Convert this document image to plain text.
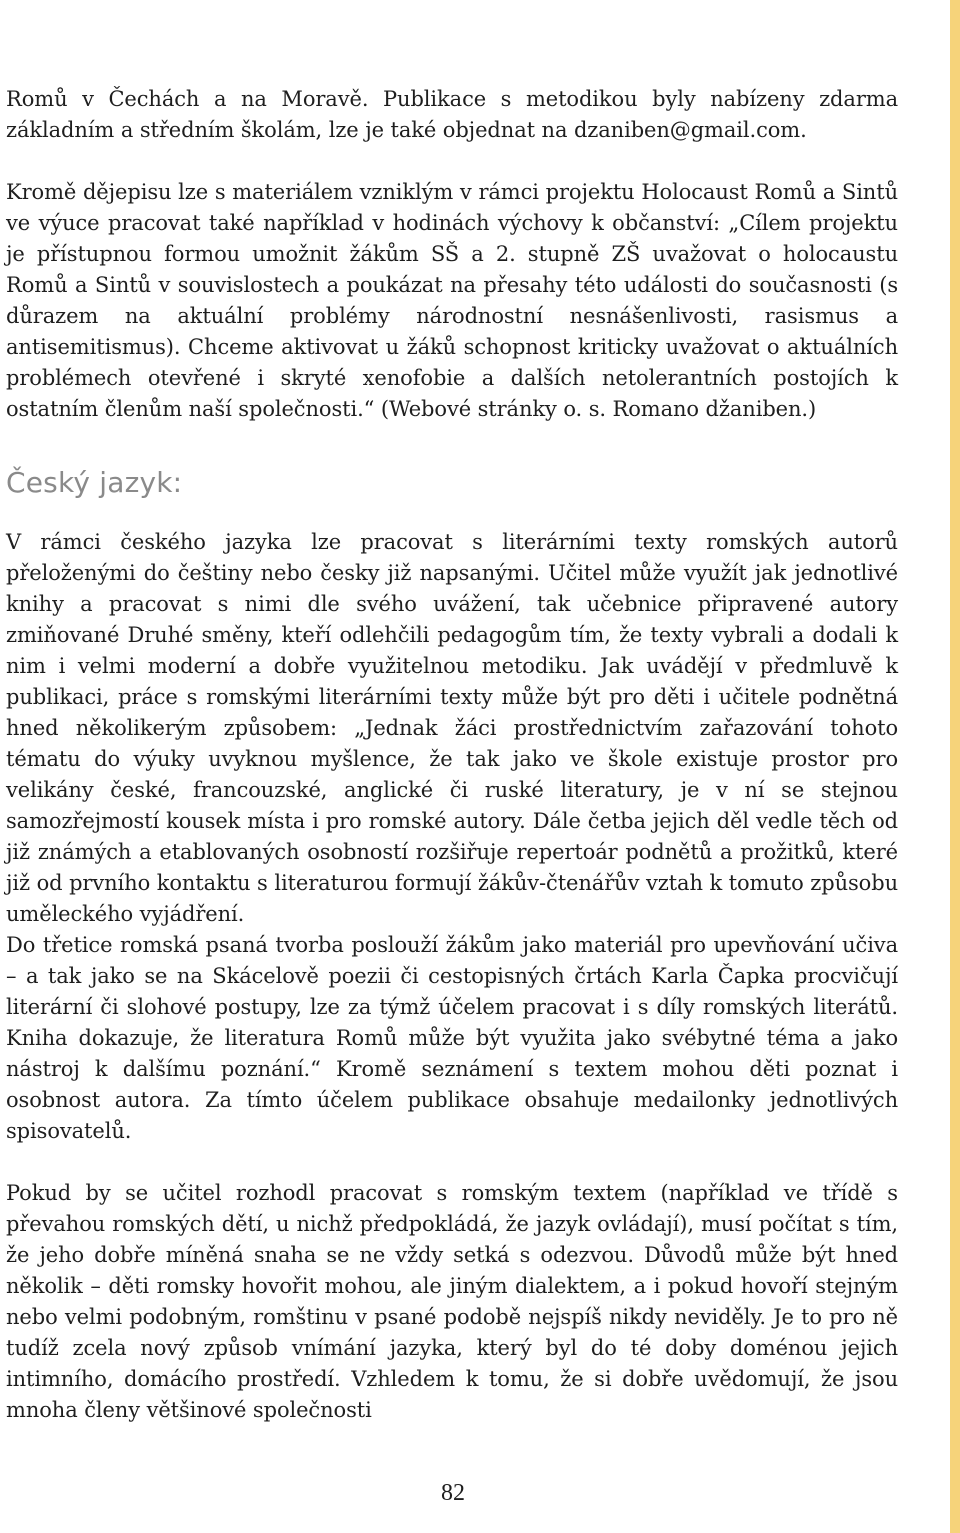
Romů v Čechách a na Moravě. Publikace s metodikou byly nabízeny zdarma základním a středním školám, lze je také objednat na dzaniben@gmail.com.

Kromě dějepisu lze s materiálem vzniklým v rámci projektu Holocaust Romů a Sintů ve výuce pracovat také například v hodinách výchovy k občanství: „Cílem projektu je přístupnou formou umožnit žákům SŠ a 2. stupně ZŠ uvažovat o holocaustu Romů a Sintů v souvislostech a poukázat na přesahy této události do současnosti (s důrazem na aktuální problémy národnostní nesnášenlivosti, rasismus a antisemitismus). Chceme aktivovat u žáků schopnost kriticky uvažovat o aktuálních problémech otevřené i skryté xenofobie a dalších netolerantních postojích k ostatním členům naší společnosti.“ (Webové stránky o. s. Romano džaniben.)

Český jazyk:

V rámci českého jazyka lze pracovat s literárními texty romských autorů přeloženými do češtiny nebo česky již napsanými. Učitel může využít jak jednotlivé knihy a pracovat s nimi dle svého uvážení, tak učebnice připravené autory zmiňované Druhé směny, kteří odlehčili pedagogům tím, že texty vybrali a dodali k nim i velmi moderní a dobře využitelnou metodiku. Jak uvádějí v předmluvě k publikaci, práce s romskými literárními texty může být pro děti i učitele podnětná hned několikerým způsobem: „Jednak žáci prostřednictvím zařazování tohoto tématu do výuky uvyknou myšlence, že tak jako ve škole existuje prostor pro velikány české, francouzské, anglické či ruské literatury, je v ní se stejnou samozřejmostí kousek místa i pro romské autory. Dále četba jejich děl vedle těch od již známých a etablovaných osobností rozšiřuje repertoár podnětů a prožitků, které již od prvního kontaktu s literaturou formují žákův-čtenářův vztah k tomuto způsobu uměleckého vyjádření.

Do třetice romská psaná tvorba poslouží žákům jako materiál pro upevňování učiva – a tak jako se na Skácelově poezii či cestopisných črtách Karla Čapka procvičují literární či slohové postupy, lze za týmž účelem pracovat i s díly romských literátů. Kniha dokazuje, že literatura Romů může být využita jako svébytné téma a jako nástroj k dalšímu poznání.“ Kromě seznámení s textem mohou děti poznat i osobnost autora. Za tímto účelem publikace obsahuje medailonky jednotlivých spisovatelů.

Pokud by se učitel rozhodl pracovat s romským textem (například ve třídě s převahou romských dětí, u nichž předpokládá, že jazyk ovládají), musí počítat s tím, že jeho dobře míněná snaha se ne vždy setká s odezvou. Důvodů může být hned několik – děti romsky hovořit mohou, ale jiným dialektem, a i pokud hovoří stejným nebo velmi podobným, romštinu v psané podobě nejspíš nikdy neviděly. Je to pro ně tudíž zcela nový způsob vnímání jazyka, který byl do té doby doménou jejich intimního, domácího prostředí. Vzhledem k tomu, že si dobře uvědomují, že jsou mnoha členy většinové společnosti

82
